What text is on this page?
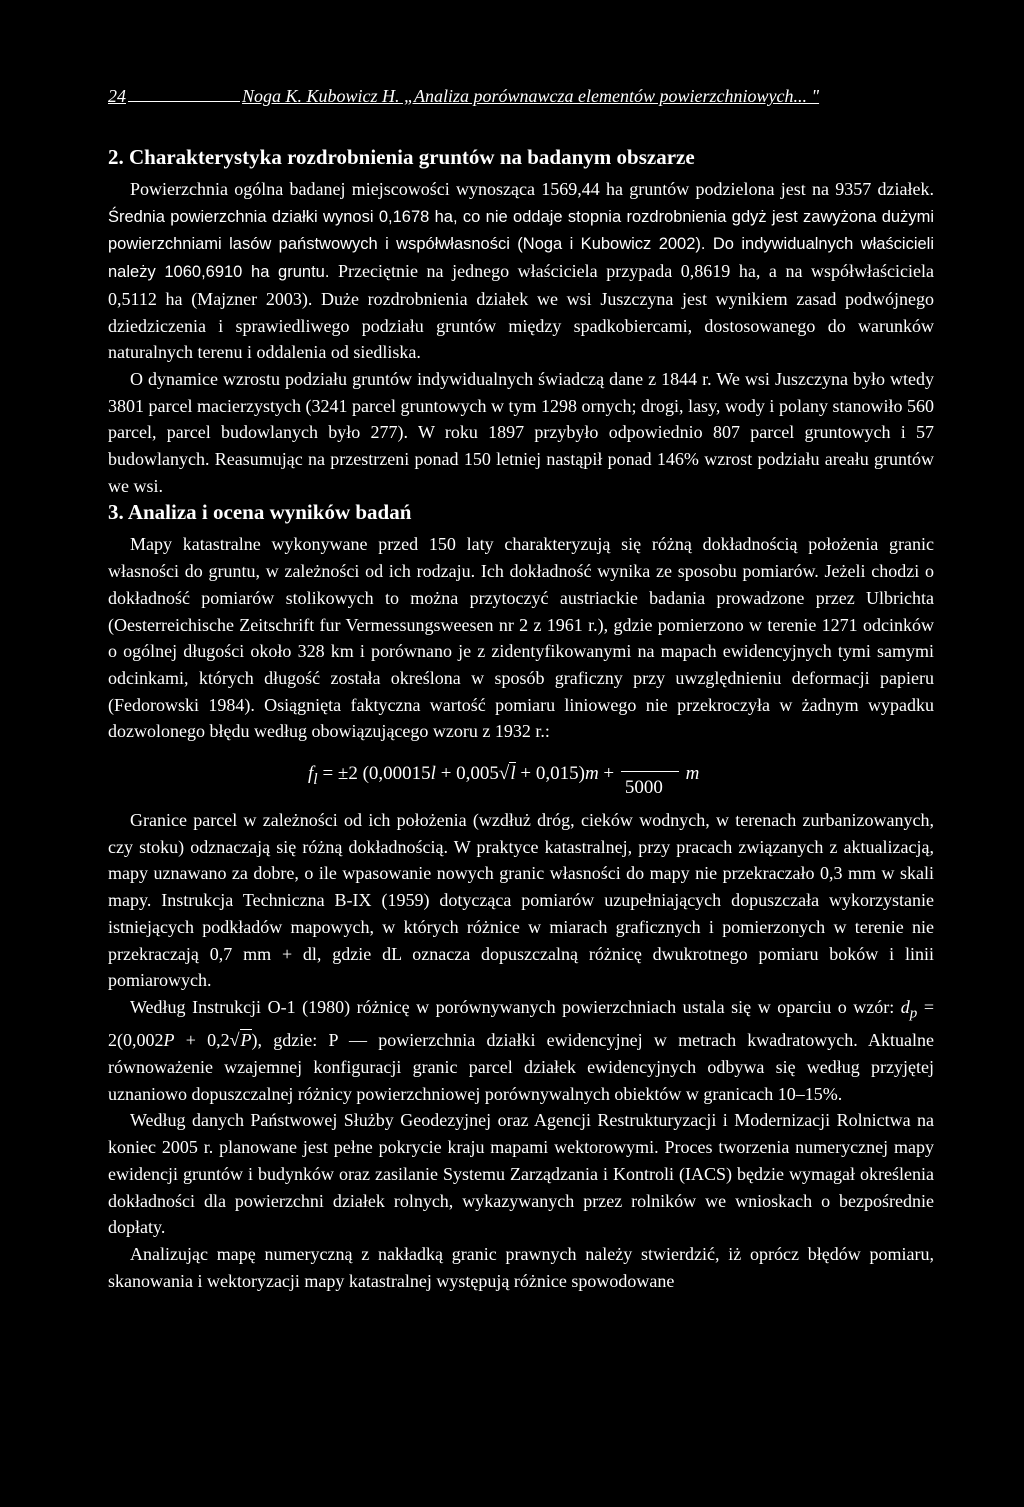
24	Noga K. Kubowicz H. „Analiza porównawcza elementów powierzchniowych... "
2. Charakterystyka rozdrobnienia gruntów na badanym obszarze

Powierzchnia ogólna badanej miejscowości wynosząca 1569,44 ha gruntów podzielona jest na 9357 działek. Średnia powierzchnia działki wynosi 0,1678 ha, co nie oddaje stopnia rozdrobnienia gdyż jest zawyżona dużymi powierzchniami lasów państwowych i współwłasności (Noga i Kubowicz 2002). Do indywidualnych właścicieli należy 1060,6910 ha gruntu. Przeciętnie na jednego właściciela przypada 0,8619 ha, a na współwłaściciela 0,5112 ha (Majzner 2003). Duże rozdrobnienia działek we wsi Juszczyna jest wynikiem zasad podwójnego dziedziczenia i sprawiedliwego podziału gruntów między spadkobiercami, dostosowanego do warunków naturalnych terenu i oddalenia od siedliska.

O dynamice wzrostu podziału gruntów indywidualnych świadczą dane z 1844 r. We wsi Juszczyna było wtedy 3801 parcel macierzystych (3241 parcel gruntowych w tym 1298 ornych; drogi, lasy, wody i polany stanowiło 560 parcel, parcel budowlanych było 277). W roku 1897 przybyło odpowiednio 807 parcel gruntowych i 57 budowlanych. Reasumując na przestrzeni ponad 150 letniej nastąpił ponad 146% wzrost podziału areału gruntów we wsi.

3. Analiza i ocena wyników badań

Mapy katastralne wykonywane przed 150 laty charakteryzują się różną dokładnością położenia granic własności do gruntu, w zależności od ich rodzaju. Ich dokładność wynika ze sposobu pomiarów. Jeżeli chodzi o dokładność pomiarów stolikowych to można przytoczyć austriackie badania prowadzone przez Ulbrichta (Oesterreichische Zeitschrift fur Vermessungsweesen nr 2 z 1961 r.), gdzie pomierzono w terenie 1271 odcinków o ogólnej długości około 328 km i porównano je z zidentyfikowanymi na mapach ewidencyjnych tymi samymi odcinkami, których długość została określona w sposób graficzny przy uwzględnieniu deformacji papieru (Fedorowski 1984). Osiągnięta faktyczna wartość pomiaru liniowego nie przekroczyła w żadnym wypadku dozwolonego błędu według obowiązującego wzoru z 1932 r.:

$f_l = \pm 2$ (0,00015l + 0,005√l + 0,015)m +
5000
m

Granice parcel w zależności od ich położenia (wzdłuż dróg, cieków wodnych, w terenach zurbanizowanych, czy stoku) odznaczają się różną dokładnością. W praktyce katastralnej, przy pracach związanych z aktualizacją, mapy uznawano za dobre, o ile wpasowanie nowych granic własności do mapy nie przekraczało 0,3 mm w skali mapy. Instrukcja Techniczna B-IX (1959) dotycząca pomiarów uzupełniających dopuszczała wykorzystanie istniejących podkładów mapowych, w których różnice w miarach graficznych i pomierzonych w terenie nie przekraczają 0,7 mm + dl, gdzie dL oznacza dopuszczalną różnicę dwukrotnego pomiaru boków i linii pomiarowych.

Według Instrukcji O-1 (1980) różnicę w porównywanych powierzchniach ustala się w oparciu o wzór: $d_p = 2(0,002P + 0,2√P)$, gdzie: P — powierzchnia działki ewidencyjnej w metrach kwadratowych. Aktualne równoważenie wzajemnej konfiguracji granic parcel działek ewidencyjnych odbywa się według przyjętej uznaniowo dopuszczalnej różnicy powierzchniowej porównywalnych obiektów w granicach 10–15%.

Według danych Państwowej Służby Geodezyjnej oraz Agencji Restrukturyzacji i Modernizacji Rolnictwa na koniec 2005 r. planowane jest pełne pokrycie kraju mapami wektorowymi. Proces tworzenia numerycznej mapy ewidencji gruntów i budynków oraz zasilanie Systemu Zarządzania i Kontroli (IACS) będzie wymagał określenia dokładności dla powierzchni działek rolnych, wykazywanych przez rolników we wnioskach o bezpośrednie dopłaty.

Analizując mapę numeryczną z nakładką granic prawnych należy stwierdzić, iż oprócz błędów pomiaru, skanowania i wektoryzacji mapy katastralnej występują różnice spowodowane
